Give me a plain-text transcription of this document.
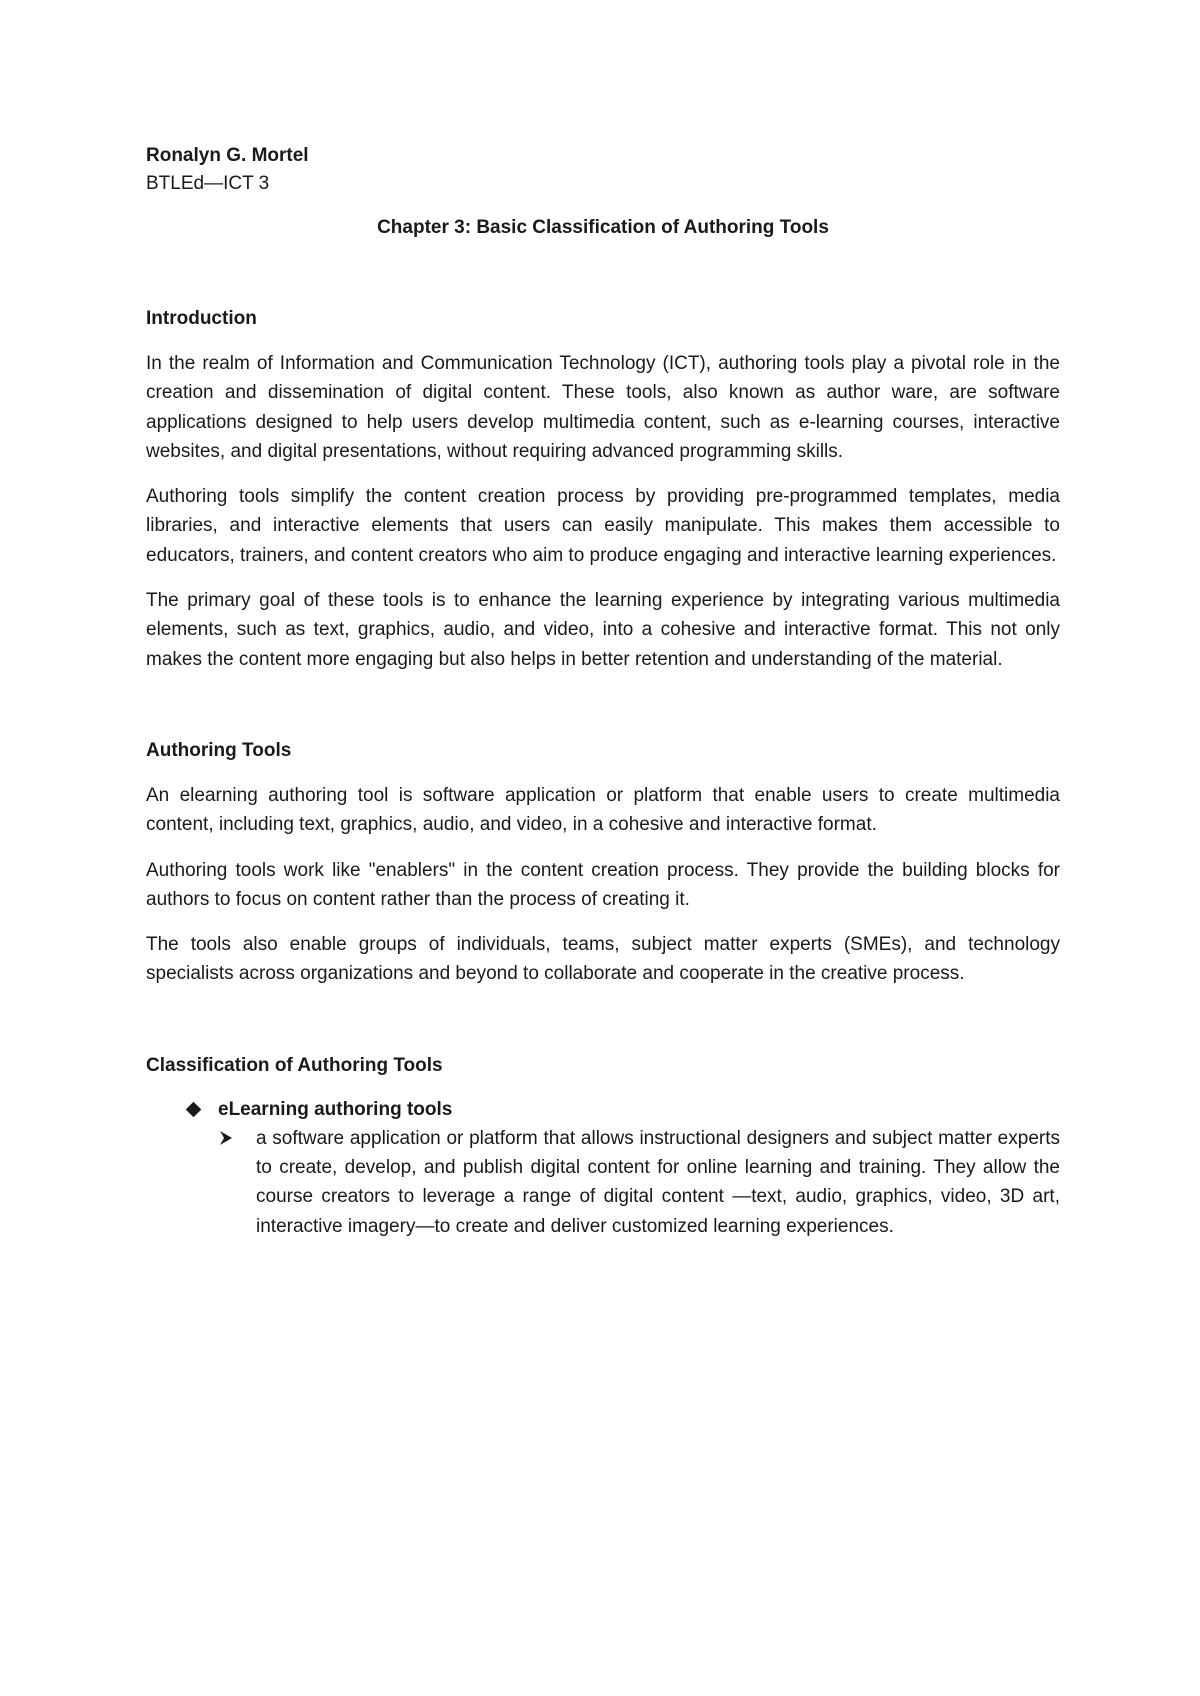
Ronalyn G. Mortel

BTLEd—ICT 3

Chapter 3: Basic Classification of Authoring Tools

Introduction

In the realm of Information and Communication Technology (ICT), authoring tools play a pivotal role in the creation and dissemination of digital content. These tools, also known as author ware, are software applications designed to help users develop multimedia content, such as e-learning courses, interactive websites, and digital presentations, without requiring advanced programming skills.

Authoring tools simplify the content creation process by providing pre-programmed templates, media libraries, and interactive elements that users can easily manipulate. This makes them accessible to educators, trainers, and content creators who aim to produce engaging and interactive learning experiences.

The primary goal of these tools is to enhance the learning experience by integrating various multimedia elements, such as text, graphics, audio, and video, into a cohesive and interactive format. This not only makes the content more engaging but also helps in better retention and understanding of the material.

Authoring Tools

An elearning authoring tool is software application or platform that enable users to create multimedia content, including text, graphics, audio, and video, in a cohesive and interactive format.

Authoring tools work like "enablers" in the content creation process. They provide the building blocks for authors to focus on content rather than the process of creating it.

The tools also enable groups of individuals, teams, subject matter experts (SMEs), and technology specialists across organizations and beyond to collaborate and cooperate in the creative process.

Classification of Authoring Tools
eLearning authoring tools
a software application or platform that allows instructional designers and subject matter experts to create, develop, and publish digital content for online learning and training. They allow the course creators to leverage a range of digital content —text, audio, graphics, video, 3D art, interactive imagery—to create and deliver customized learning experiences.
